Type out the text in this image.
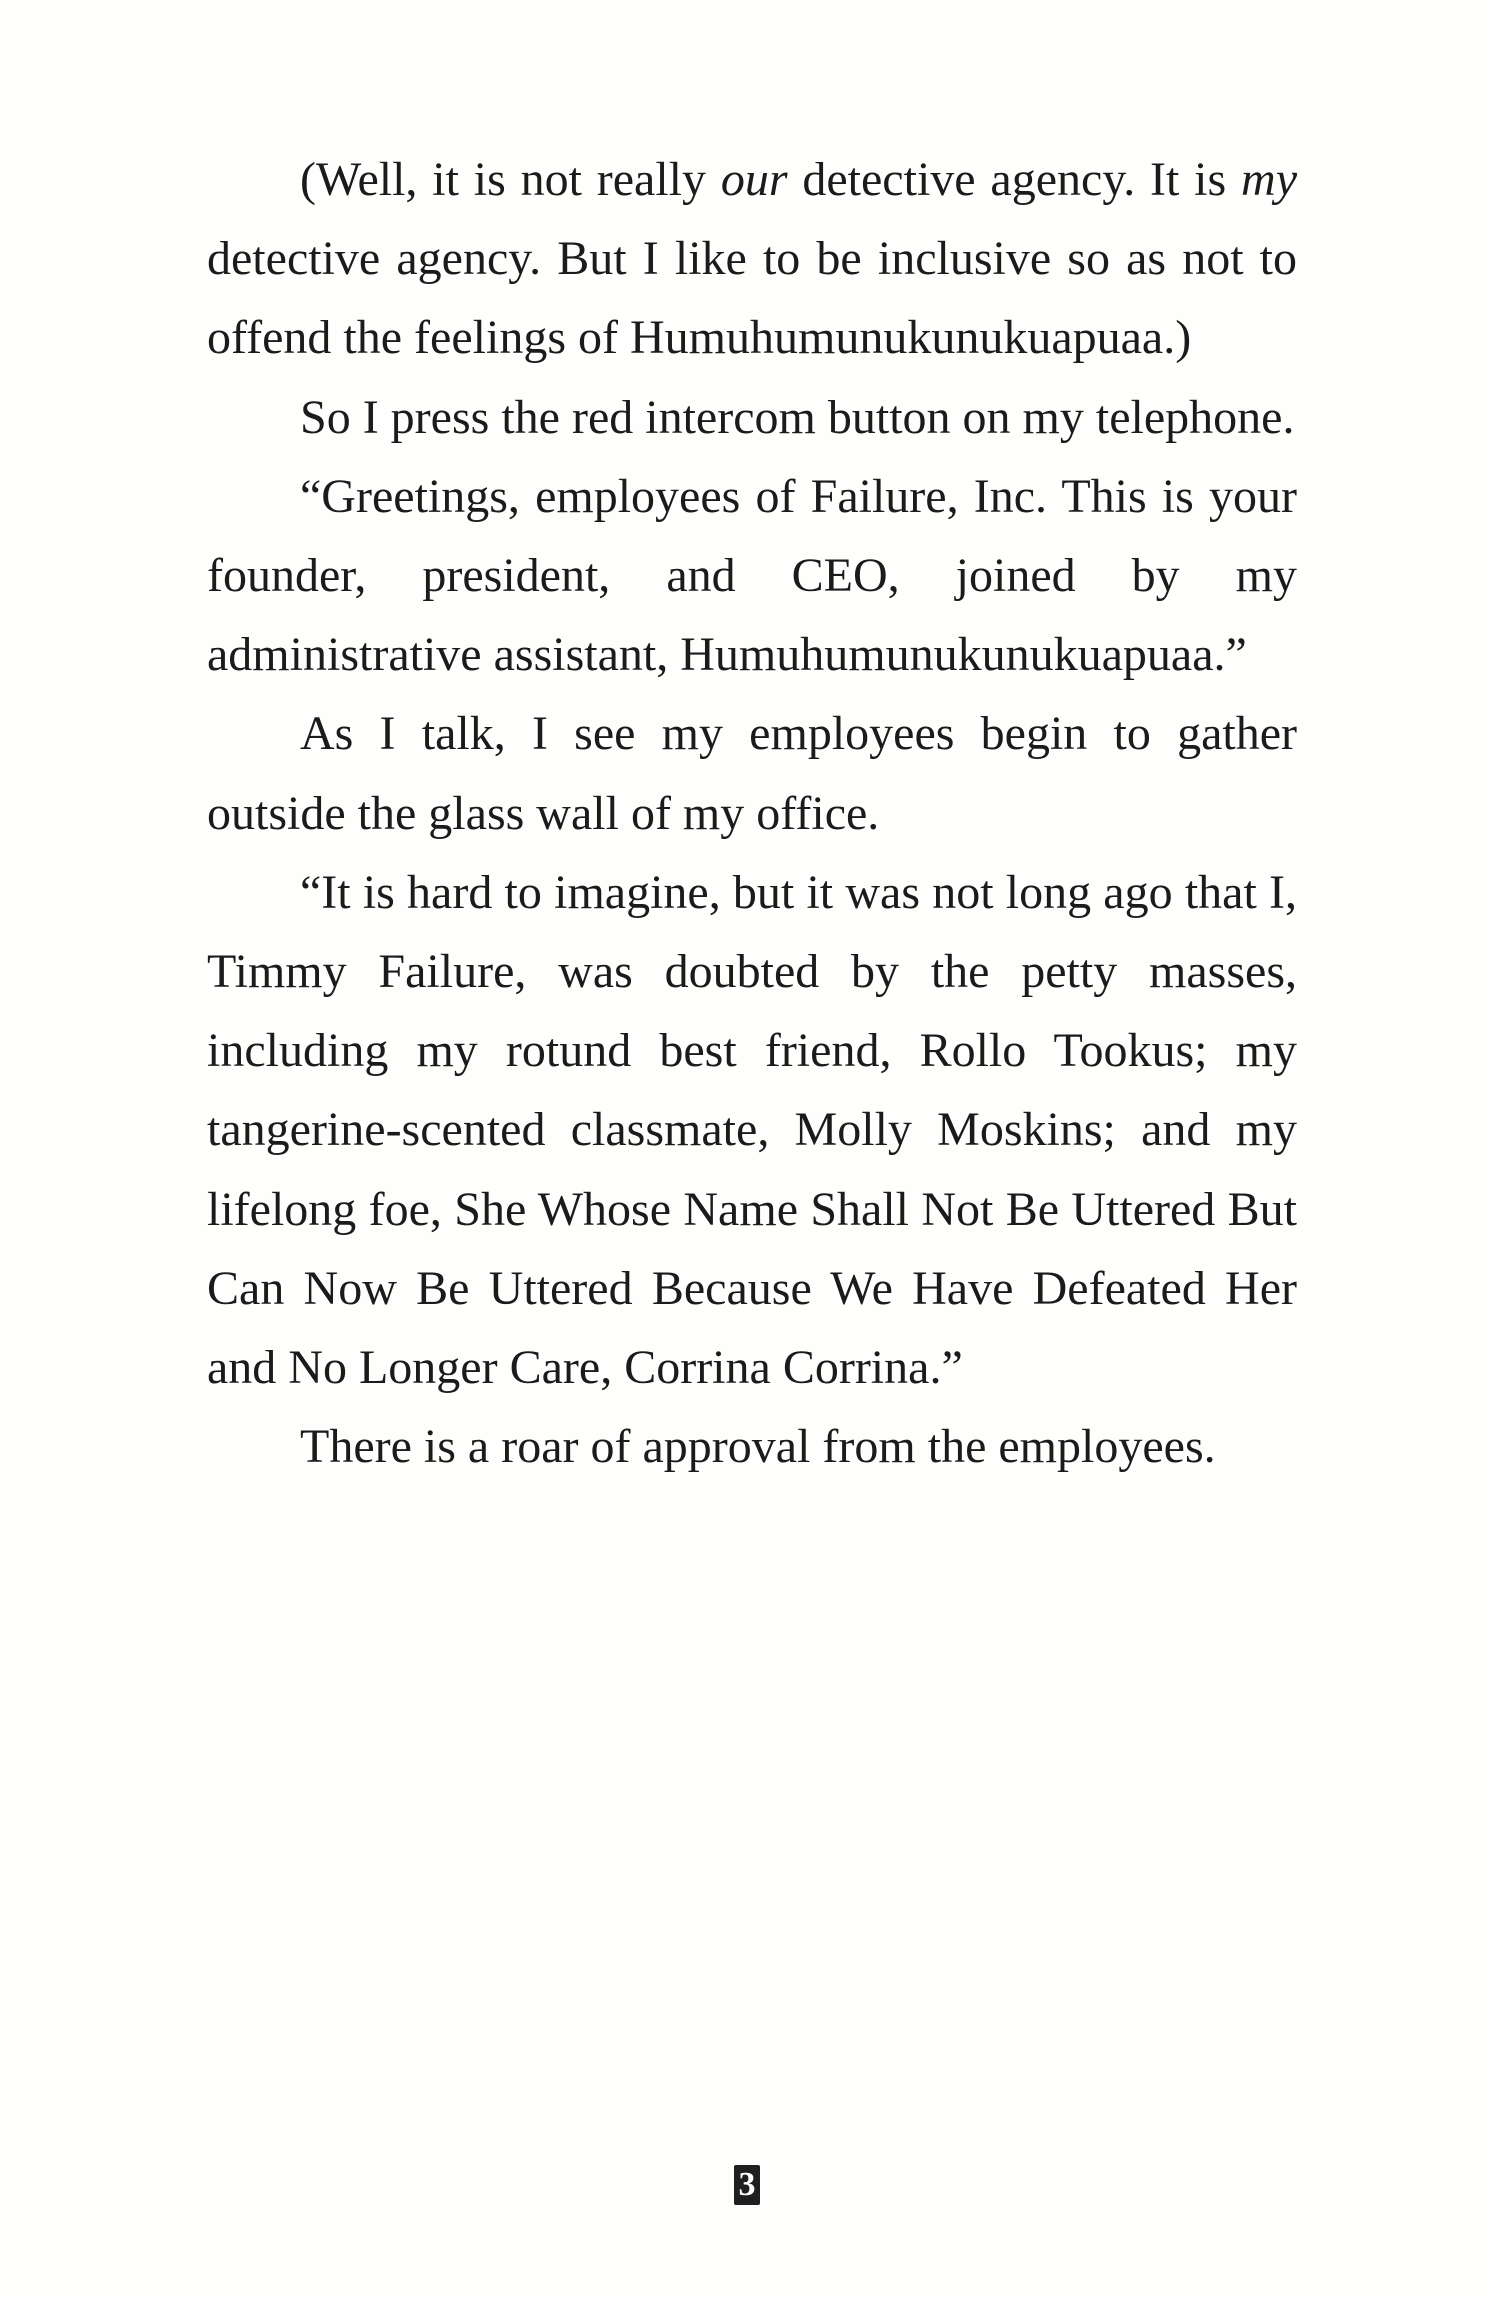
(Well, it is not really our detective agency. It is my detective agency. But I like to be inclusive so as not to offend the feelings of Humuhumunukunukuapuaa.)

So I press the red intercom button on my telephone.

“Greetings, employees of Failure, Inc. This is your founder, president, and CEO, joined by my administrative assistant, Humuhumunukunukuapuaa.”

As I talk, I see my employees begin to gather outside the glass wall of my office.

“It is hard to imagine, but it was not long ago that I, Timmy Failure, was doubted by the petty masses, including my rotund best friend, Rollo Tookus; my tangerine-scented classmate, Molly Moskins; and my lifelong foe, She Whose Name Shall Not Be Uttered But Can Now Be Uttered Because We Have Defeated Her and No Longer Care, Corrina Corrina.”

There is a roar of approval from the employees.

3
